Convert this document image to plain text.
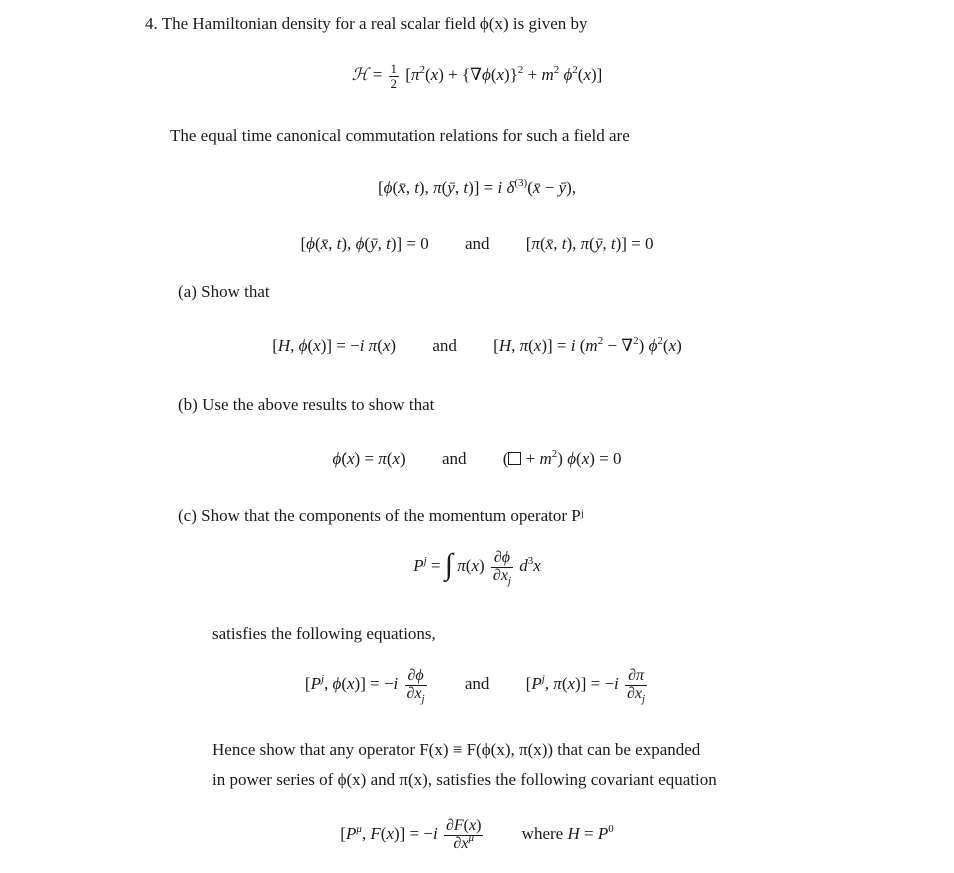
4. The Hamiltonian density for a real scalar field ϕ(x) is given by
ℋ = $\frac{1}{2} [\pi^2(x) + \{\nabla\phi(x)\}^2 + m^2$ $\phi^2(x)$]
The equal time canonical commutation relations for such a field are
[ϕ(x̄, t), π(ȳ, t)] = i $\delta^{(3)}(x̄$ − ȳ),
[ϕ(x̄, t), ϕ(ȳ, t)] = 0 and [π(x̄, t), π(ȳ, t)] = 0
(a) Show that
[H, ϕ(x)] = −i π(x) and [H, π(x)] = i $(m^2 - \nabla^2)$ $\phi^2(x)$
(b) Use the above results to show that
ϕ̇(x) = π(x) and ( + $m^2$) ϕ(x) = 0
(c) Show that the components of the momentum operator Pʲ
$P^j$ = ∫ $\pi(x) \frac{\partial\phi}{\partial x_j} d^3x$
satisfies the following equations,
[$P^j$, $\phi(x)] = -i \frac{\partial\phi}{\partial x_j}$ and [$P^j$, $\pi(x)] = -i \frac{\partial\pi}{\partial x_j}$
Hence show that any operator F(x) ≡ F(ϕ(x), π(x)) that can be expanded
in power series of ϕ(x) and π(x), satisfies the following covariant equation
[$P^\mu$, $F(x)] = -i \frac{\partial F(x)}{\partial x^\mu}$ where $H = P^0$
